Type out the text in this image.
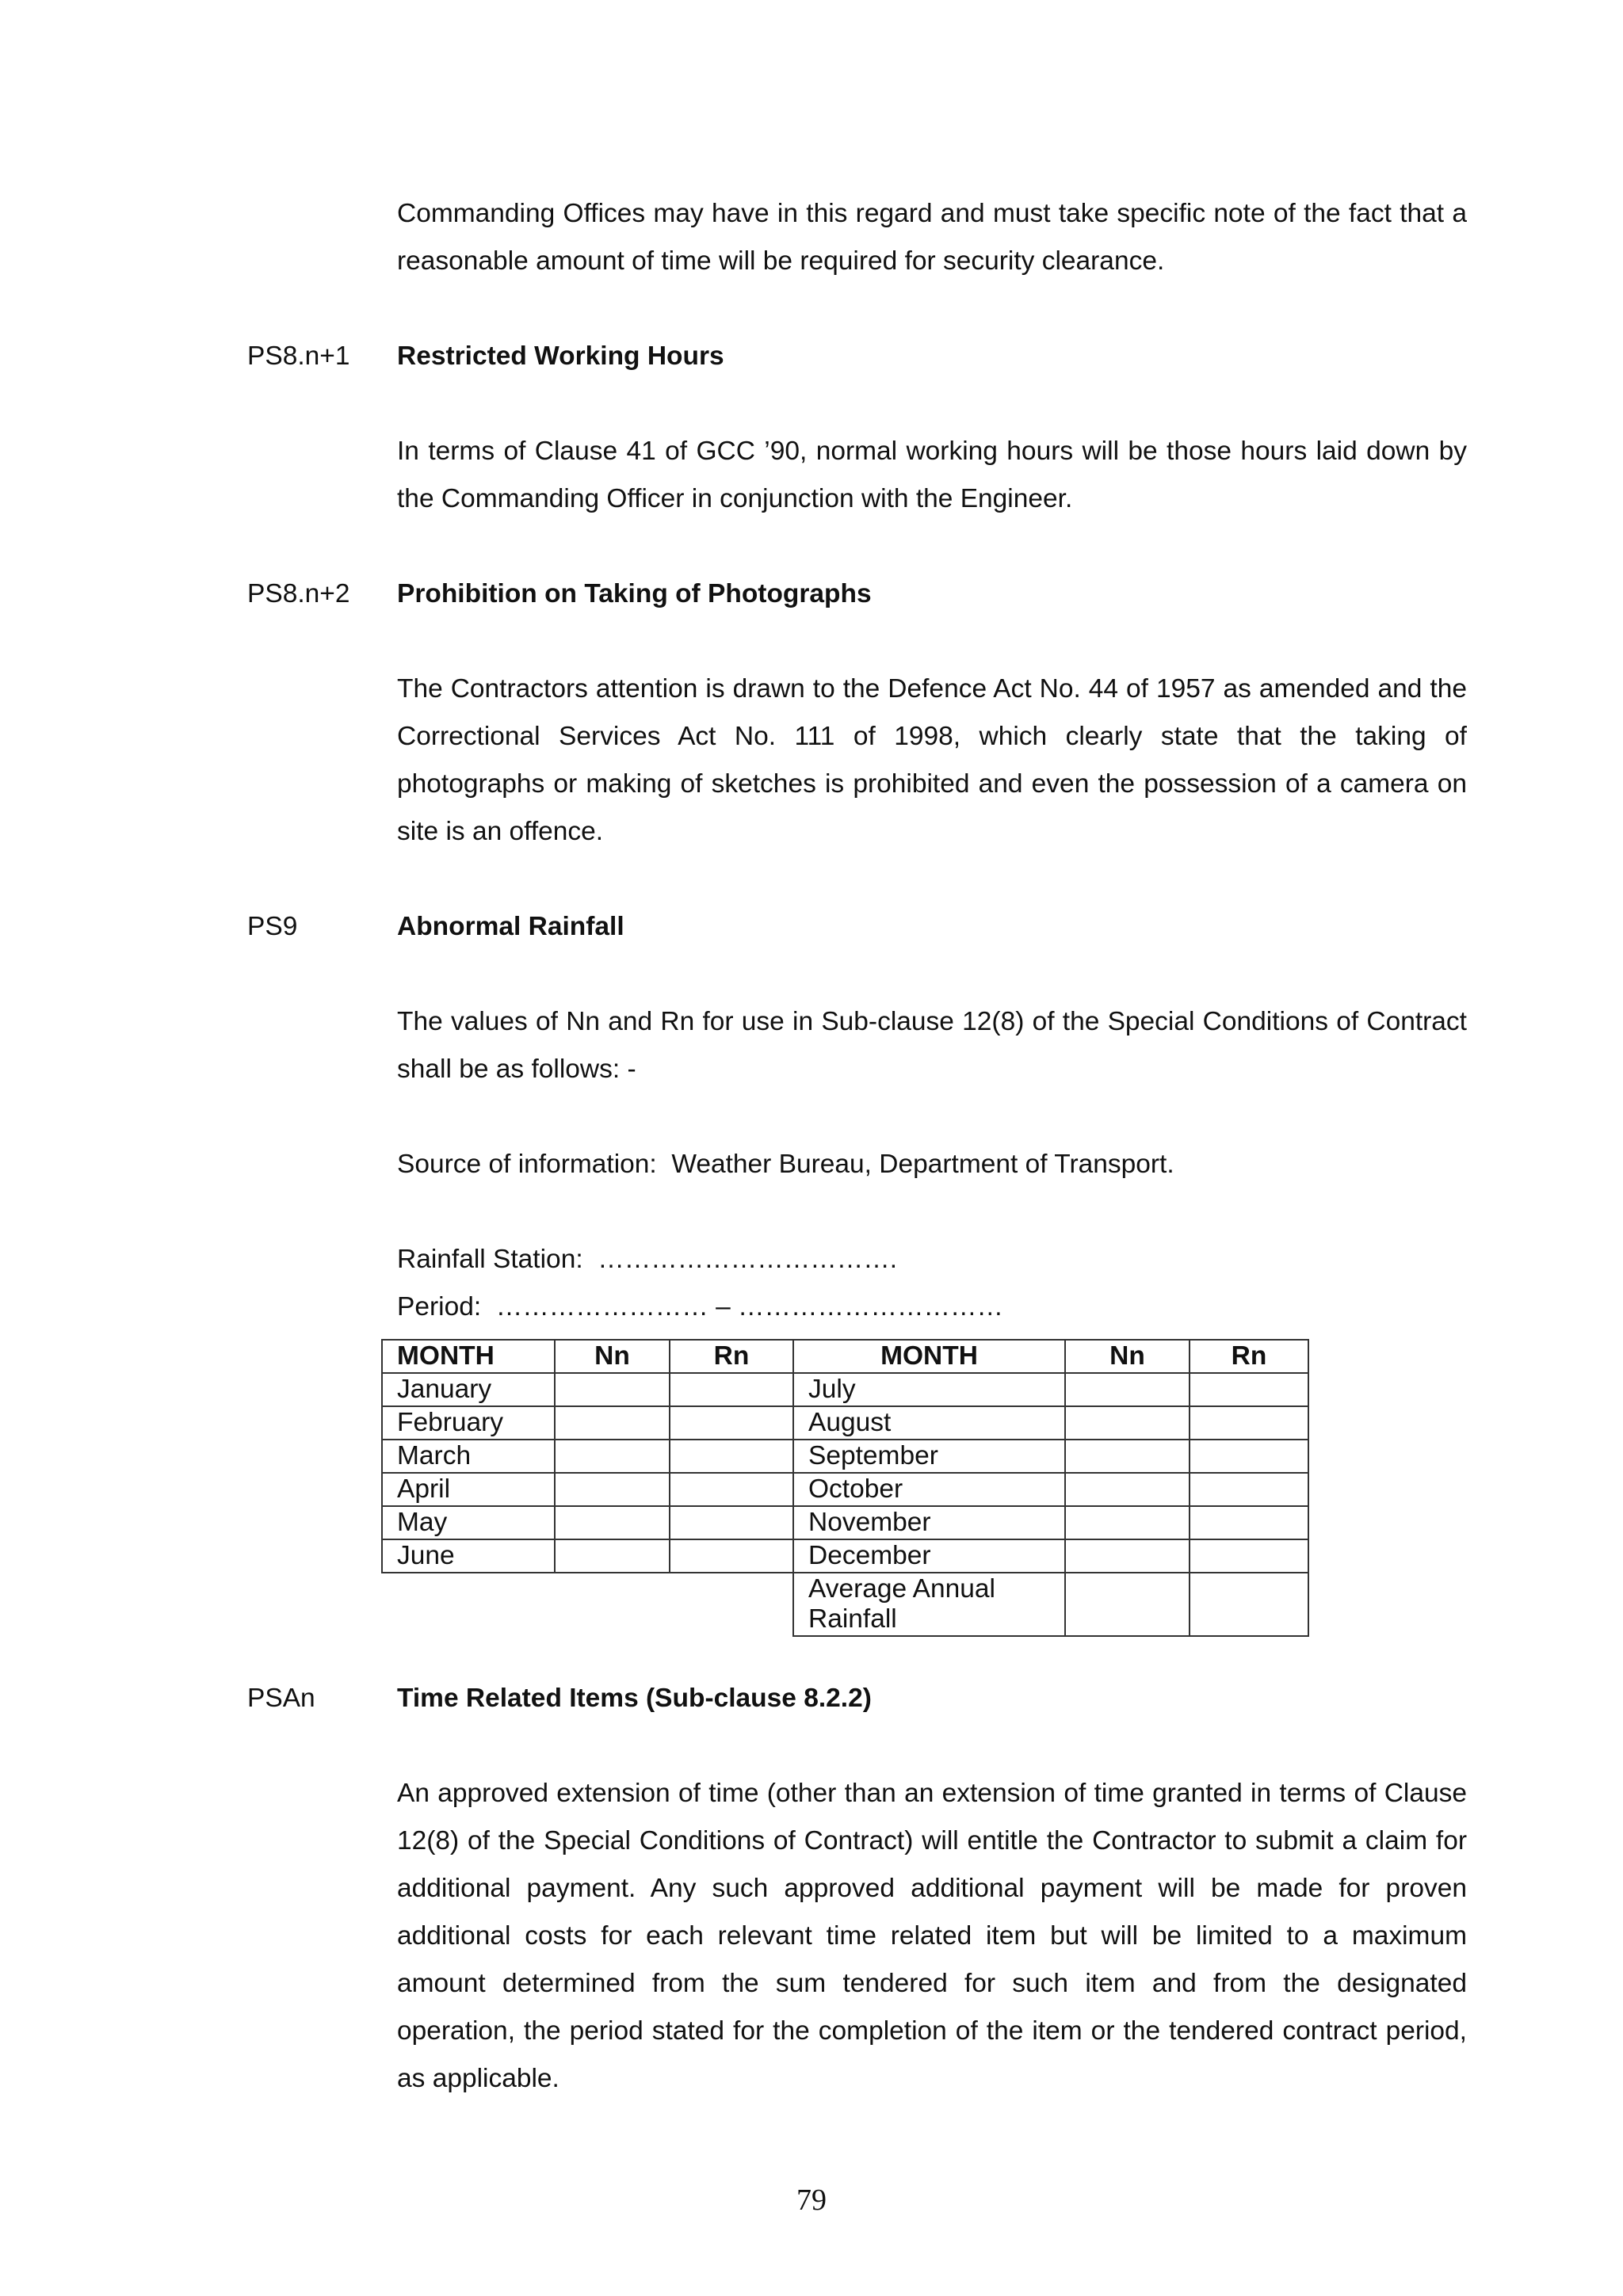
Commanding Offices may have in this regard and must take specific note of the fact that a reasonable amount of time will be required for security clearance.

PS8.n+1 Restricted Working Hours

In terms of Clause 41 of GCC ’90, normal working hours will be those hours laid down by the Commanding Officer in conjunction with the Engineer.

PS8.n+2 Prohibition on Taking of Photographs

The Contractors attention is drawn to the Defence Act No. 44 of 1957 as amended and the Correctional Services Act No. 111 of 1998, which clearly state that the taking of photographs or making of sketches is prohibited and even the possession of a camera on site is an offence.

PS9	Abnormal Rainfall

The values of Nn and Rn for use in Sub-clause 12(8) of the Special Conditions of Contract shall be as follows: -

Source of information:  Weather Bureau, Department of Transport.

Rainfall Station:  …………………………….

Period:  …………………… – …………………………

MONTH	Nn	Rn	MONTH	Nn	Rn
January			July		
February			August		
March			September		
April			October		
May			November		
June			December		
			Average Annual Rainfall		

PSAn	Time Related Items (Sub-clause 8.2.2)

An approved extension of time (other than an extension of time granted in terms of Clause 12(8) of the Special Conditions of Contract) will entitle the Contractor to submit a claim for additional payment. Any such approved additional payment will be made for proven additional costs for each relevant time related item but will be limited to a maximum amount determined from the sum tendered for such item and from the designated operation, the period stated for the completion of the item or the tendered contract period, as applicable.

79
